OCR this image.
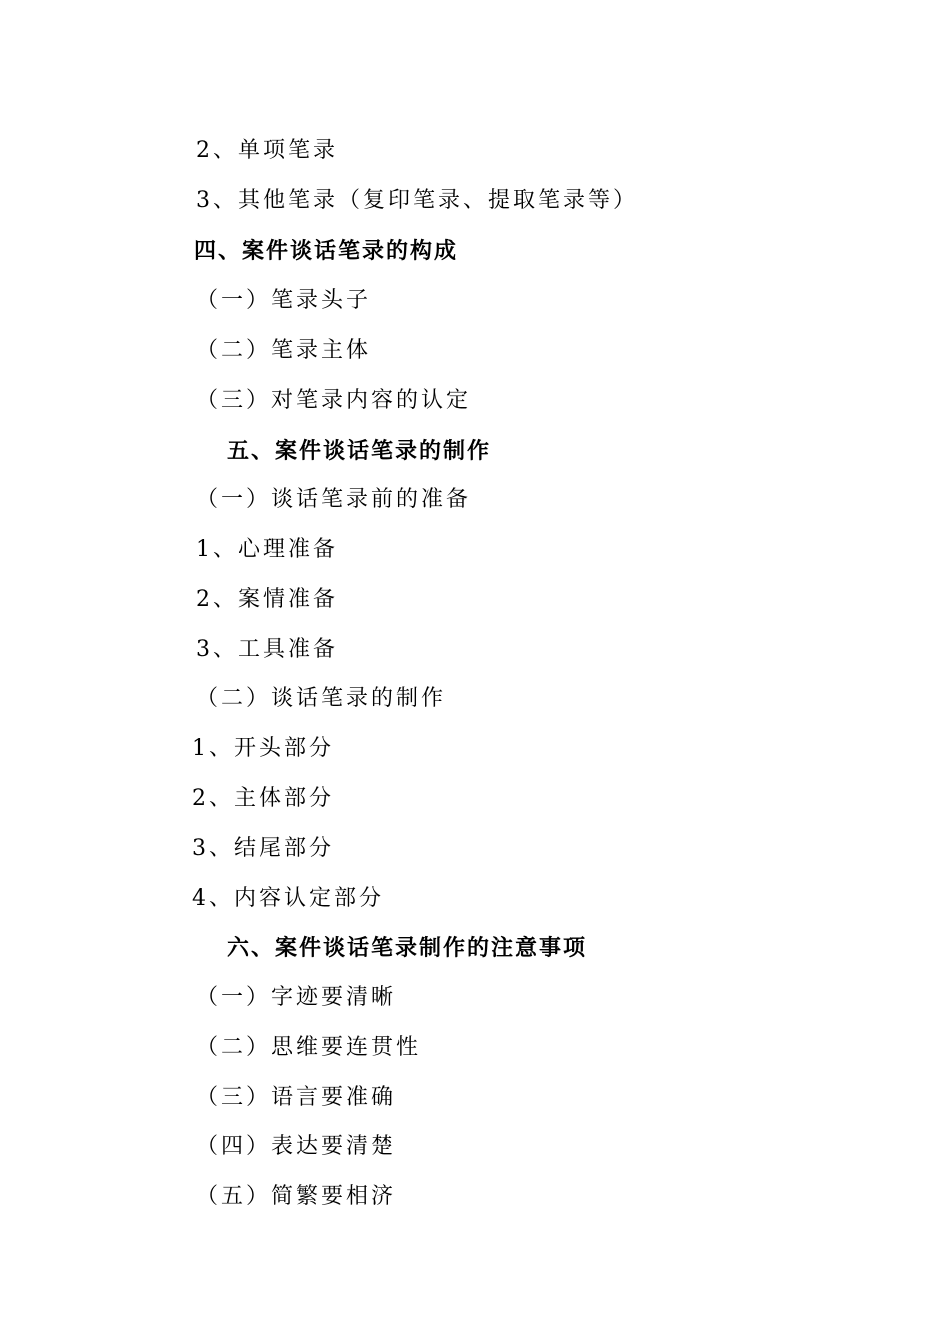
2、单项笔录
3、其他笔录（复印笔录、提取笔录等）
四、案件谈话笔录的构成
（一）笔录头子
（二）笔录主体
（三）对笔录内容的认定
五、案件谈话笔录的制作
（一）谈话笔录前的准备
1、心理准备
2、案情准备
3、工具准备
（二）谈话笔录的制作
1、开头部分
2、主体部分
3、结尾部分
4、内容认定部分
六、案件谈话笔录制作的注意事项
（一）字迹要清晰
（二）思维要连贯性
（三）语言要准确
（四）表达要清楚
（五）简繁要相济
